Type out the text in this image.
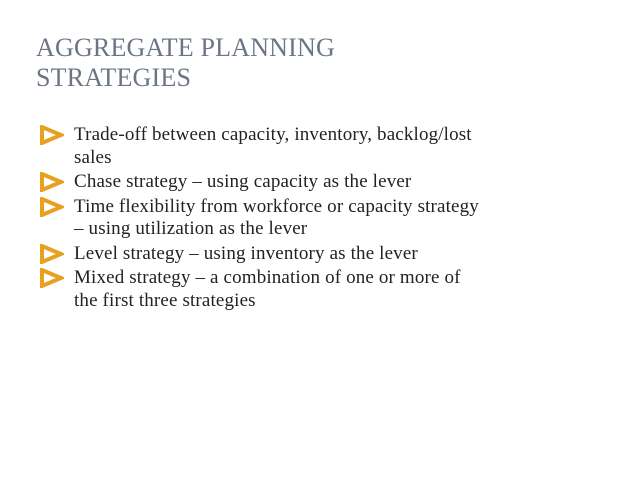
AGGREGATE PLANNING
STRATEGIES
Trade-off between capacity, inventory, backlog/lost
sales
Chase strategy – using capacity as the lever
Time flexibility from workforce or capacity strategy
– using utilization as the lever
Level strategy – using inventory as the lever
Mixed strategy – a combination of one or more of
the first three strategies
